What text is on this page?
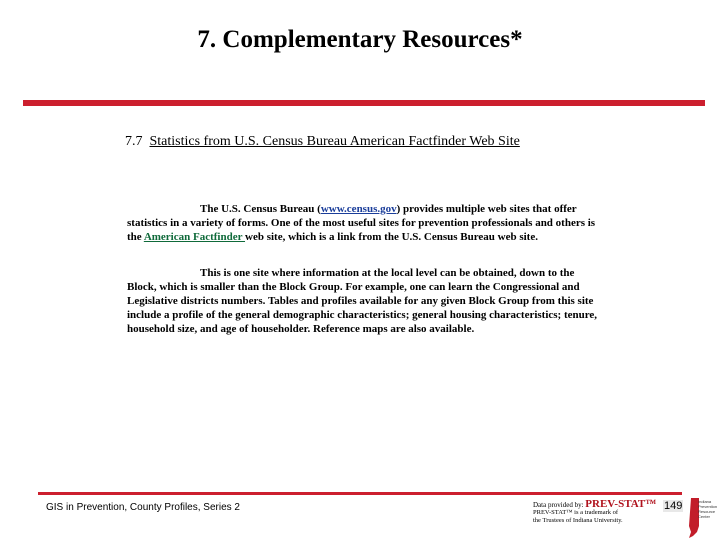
7. Complementary Resources*
7.7 Statistics from U.S. Census Bureau American Factfinder Web Site
The U.S. Census Bureau (www.census.gov) provides multiple web sites that offer
statistics in a variety of forms. One of the most useful sites for prevention professionals and others is
the American Factfinder web site, which is a link from the U.S. Census Bureau web site.
This is one site where information at the local level can be obtained, down to the
Block, which is smaller than the Block Group. For example, one can learn the Congressional and
Legislative districts numbers. Tables and profiles available for any given Block Group from this site
include a profile of the general demographic characteristics; general housing characteristics; tenure,
household size, and age of householder. Reference maps are also available.
GIS in Prevention, County Profiles, Series 2	Data provided by: PREV-STAT™
PREV-STAT™ is a trademark of
the Trustees of Indiana University.
149	Indiana
Prevention
Resource
Center
